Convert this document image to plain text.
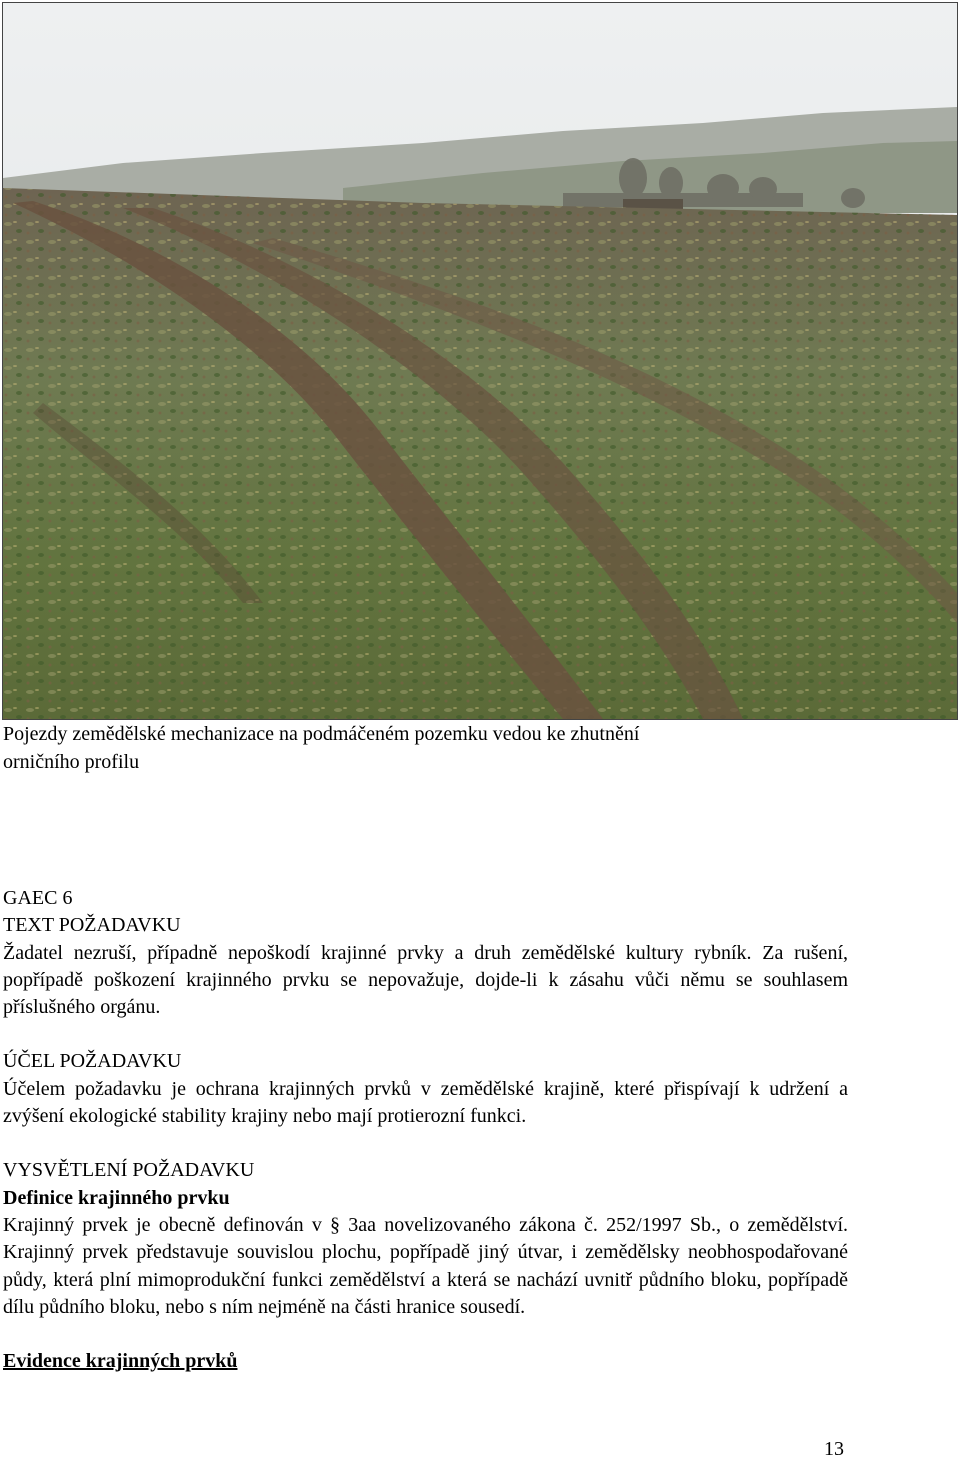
Pojezdy zemědělské mechanizace na podmáčeném pozemku vedou ke zhutnění
orničního profilu

GAEC 6

TEXT POŽADAVKU

Žadatel nezruší, případně nepoškodí krajinné prvky a druh zemědělské kultury rybník. Za rušení, popřípadě poškození krajinného prvku se nepovažuje, dojde-li k zásahu vůči němu se souhlasem příslušného orgánu.

ÚČEL POŽADAVKU

Účelem požadavku je ochrana krajinných prvků v zemědělské krajině, které přispívají k udržení a zvýšení ekologické stability krajiny nebo mají protierozní funkci.

VYSVĚTLENÍ POŽADAVKU

Definice krajinného prvku

Krajinný prvek je obecně definován v § 3aa novelizovaného zákona č. 252/1997 Sb., o zemědělství. Krajinný prvek představuje souvislou plochu, popřípadě jiný útvar, i zemědělsky neobhospodařované půdy, která plní mimoprodukční funkci zemědělství a která se nachází uvnitř půdního bloku, popřípadě dílu půdního bloku, nebo s ním nejméně na části hranice sousedí.

Evidence krajinných prvků

13
